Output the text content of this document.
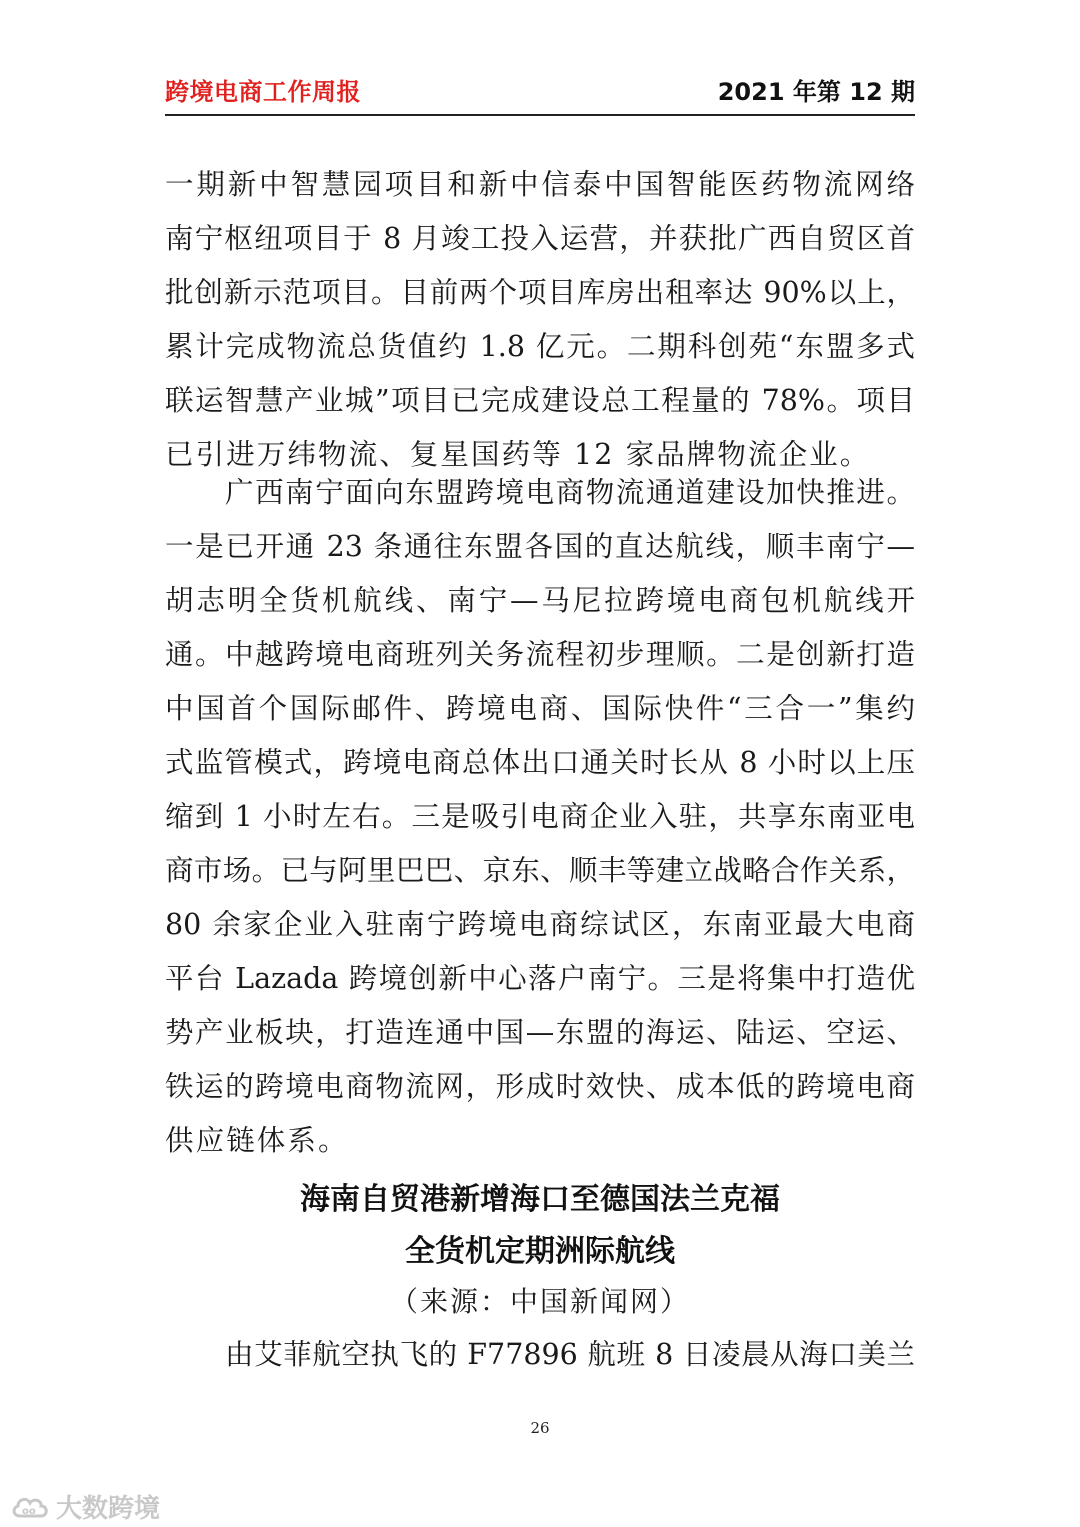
跨境电商工作周报	2021 年第 12 期
一期新中智慧园项目和新中信泰中国智能医药物流网络
南宁枢纽项目于 8 月竣工投入运营，并获批广西自贸区首
批创新示范项目。目前两个项目库房出租率达 90%以上，
累计完成物流总货值约 1.8 亿元。二期科创苑“东盟多式
联运智慧产业城”项目已完成建设总工程量的 78%。项目
已引进万纬物流、复星国药等 12 家品牌物流企业。
广西南宁面向东盟跨境电商物流通道建设加快推进。
一是已开通 23 条通往东盟各国的直达航线，顺丰南宁—
胡志明全货机航线、南宁—马尼拉跨境电商包机航线开
通。中越跨境电商班列关务流程初步理顺。二是创新打造
中国首个国际邮件、跨境电商、国际快件“三合一”集约
式监管模式，跨境电商总体出口通关时长从 8 小时以上压
缩到 1 小时左右。三是吸引电商企业入驻，共享东南亚电
商市场。已与阿里巴巴、京东、顺丰等建立战略合作关系，
80 余家企业入驻南宁跨境电商综试区，东南亚最大电商
平台 Lazada 跨境创新中心落户南宁。三是将集中打造优
势产业板块，打造连通中国—东盟的海运、陆运、空运、
铁运的跨境电商物流网，形成时效快、成本低的跨境电商
供应链体系。
海南自贸港新增海口至德国法兰克福
全货机定期洲际航线
（来源：中国新闻网）
由艾菲航空执飞的 F77896 航班 8 日凌晨从海口美兰
26
oo 大数跨境
